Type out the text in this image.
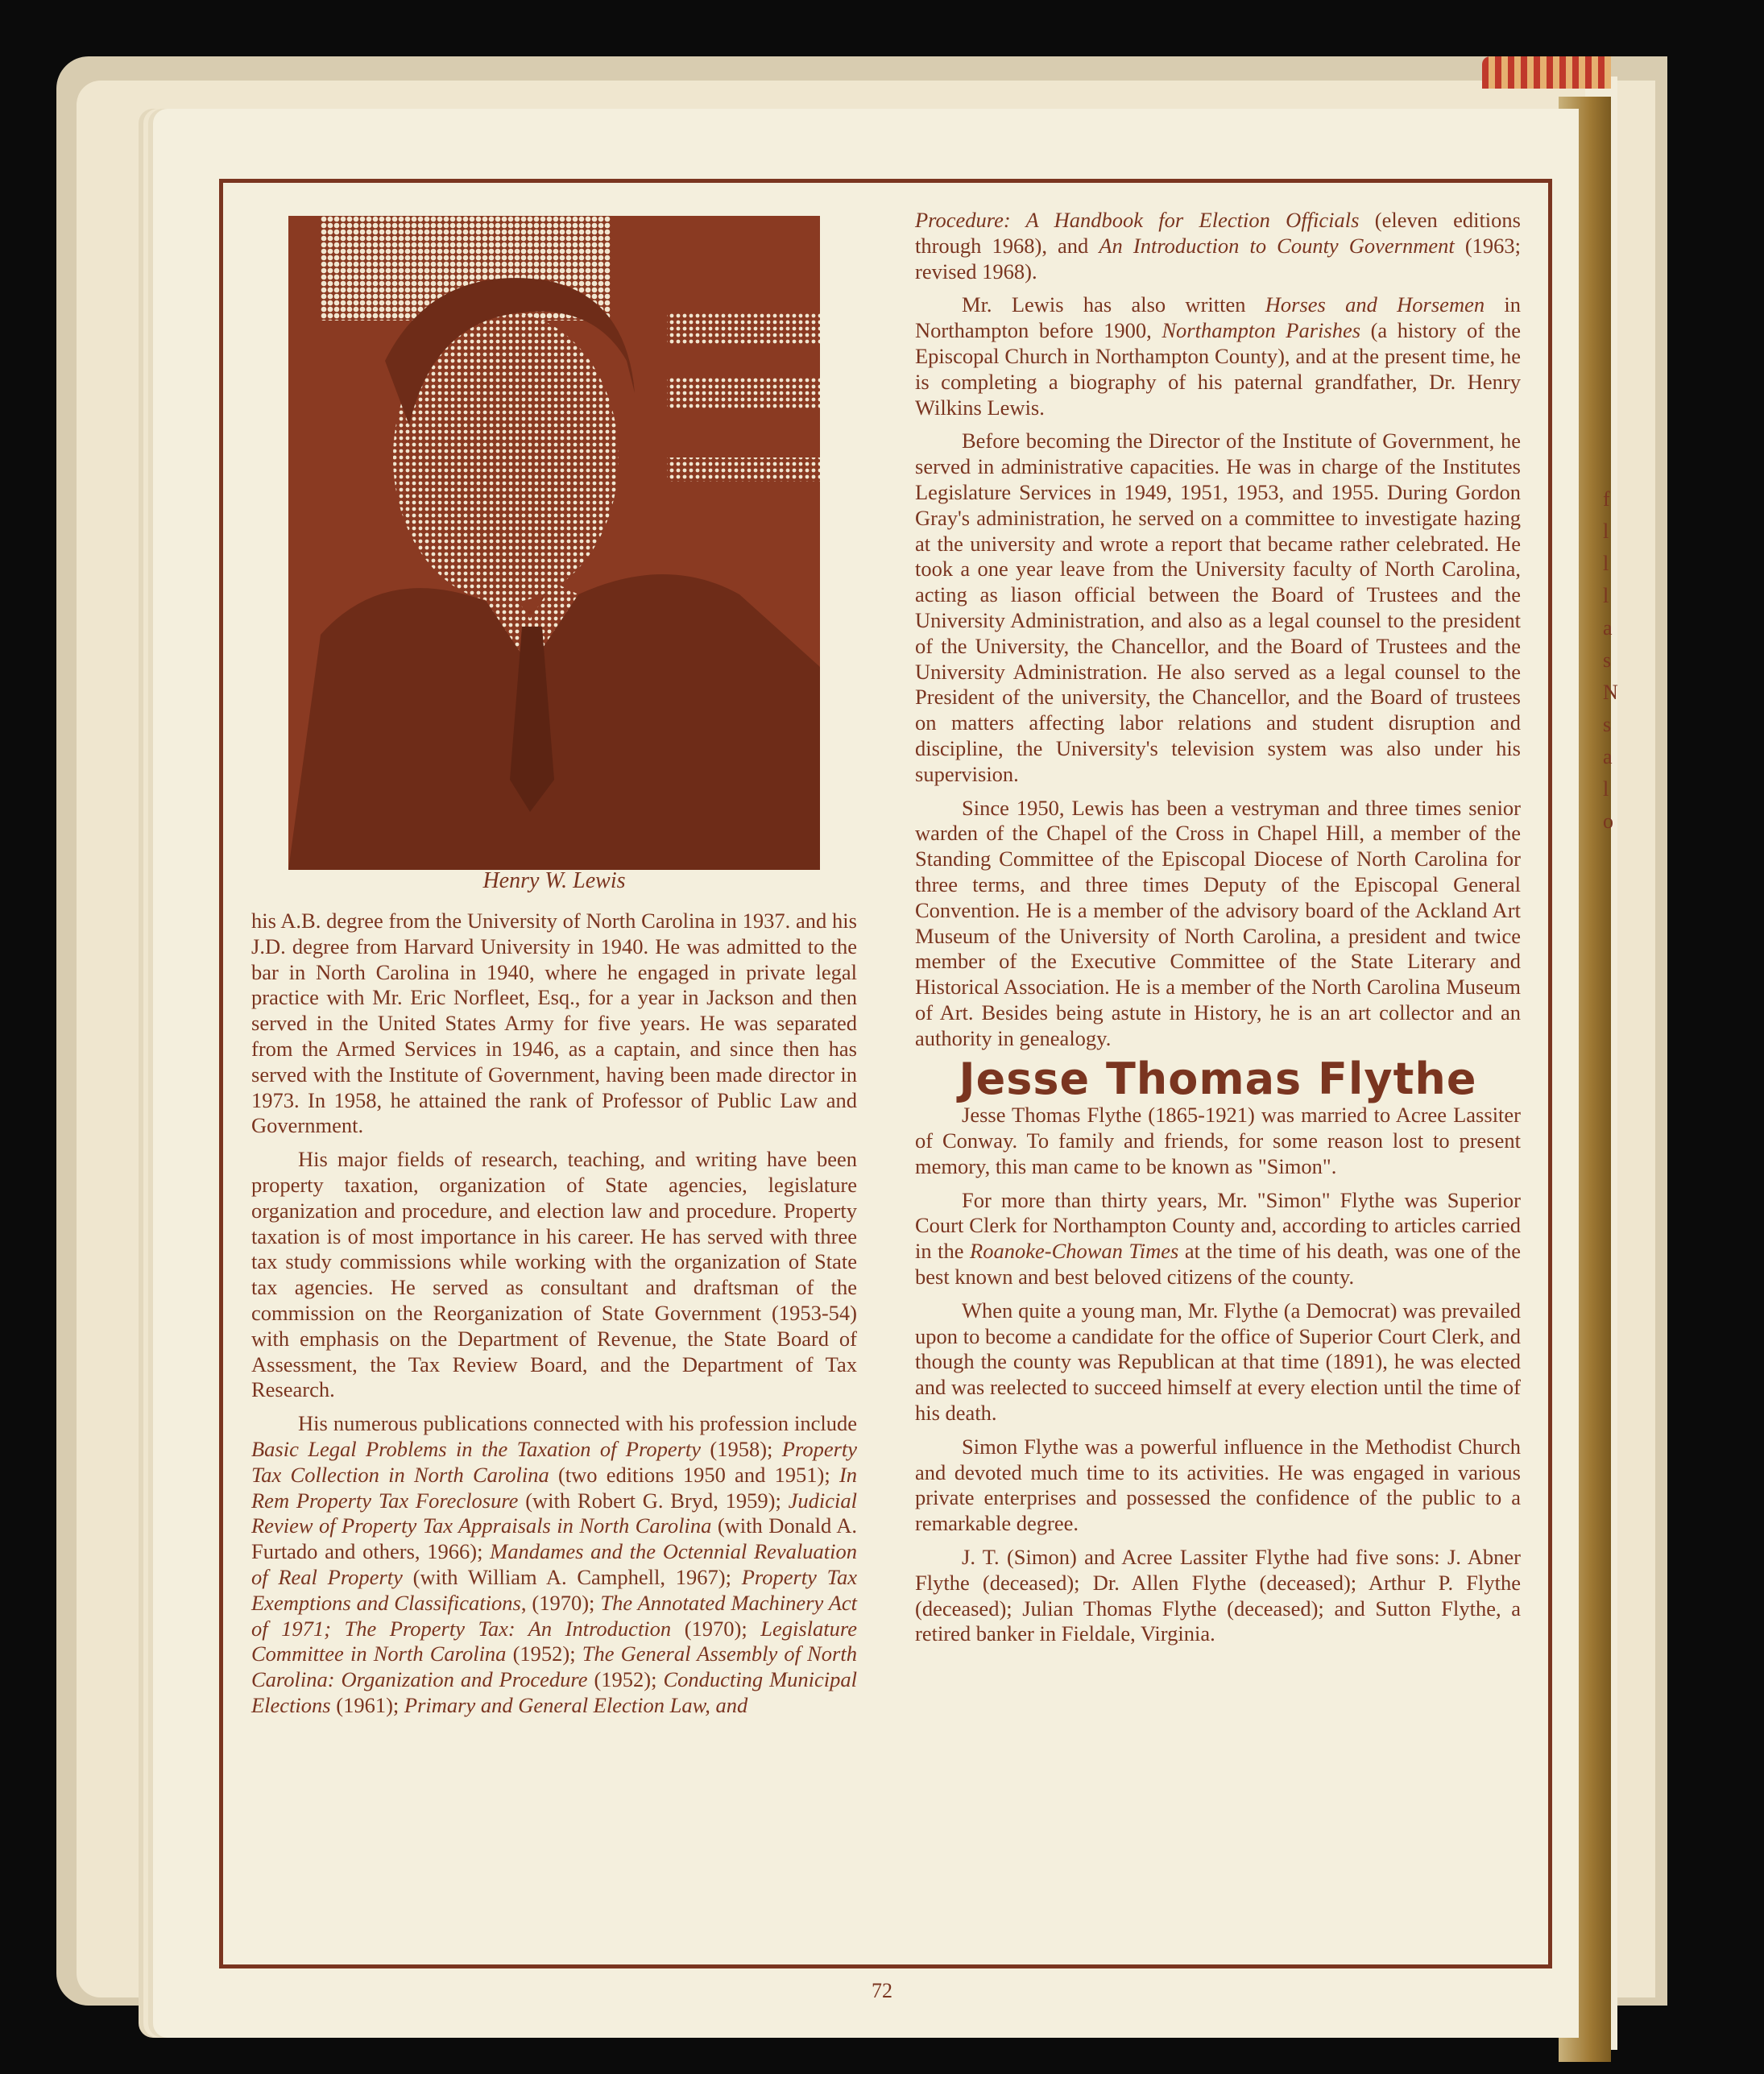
Henry W. Lewis

his A.B. degree from the University of North Carolina in 1937. and his J.D. degree from Harvard University in 1940. He was admitted to the bar in North Carolina in 1940, where he engaged in private legal practice with Mr. Eric Norfleet, Esq., for a year in Jackson and then served in the United States Army for five years. He was separated from the Armed Services in 1946, as a captain, and since then has served with the Institute of Government, having been made director in 1973. In 1958, he attained the rank of Professor of Public Law and Government.

His major fields of research, teaching, and writing have been property taxation, organization of State agencies, legislature organization and procedure, and election law and procedure. Property taxation is of most importance in his career. He has served with three tax study commissions while working with the organization of State tax agencies. He served as consultant and draftsman of the commission on the Reorganization of State Government (1953-54) with emphasis on the Department of Revenue, the State Board of Assessment, the Tax Review Board, and the Department of Tax Research.

His numerous publications connected with his profession include Basic Legal Problems in the Taxation of Property (1958); Property Tax Collection in North Carolina (two editions 1950 and 1951); In Rem Property Tax Foreclosure (with Robert G. Bryd, 1959); Judicial Review of Property Tax Appraisals in North Carolina (with Donald A. Furtado and others, 1966); Mandames and the Octennial Revaluation of Real Property (with William A. Camphell, 1967); Property Tax Exemptions and Classifications, (1970); The Annotated Machinery Act of 1971; The Property Tax: An Introduction (1970); Legislature Committee in North Carolina (1952); The General Assembly of North Carolina: Organization and Procedure (1952); Conducting Municipal Elections (1961); Primary and General Election Law, and

Procedure: A Handbook for Election Officials (eleven editions through 1968), and An Introduction to County Government (1963; revised 1968).

Mr. Lewis has also written Horses and Horsemen in Northampton before 1900, Northampton Parishes (a history of the Episcopal Church in Northampton County), and at the present time, he is completing a biography of his paternal grandfather, Dr. Henry Wilkins Lewis.

Before becoming the Director of the Institute of Government, he served in administrative capacities. He was in charge of the Institutes Legislature Services in 1949, 1951, 1953, and 1955. During Gordon Gray's administration, he served on a committee to investigate hazing at the university and wrote a report that became rather celebrated. He took a one year leave from the University faculty of North Carolina, acting as liason official between the Board of Trustees and the University Administration, and also as a legal counsel to the president of the University, the Chancellor, and the Board of Trustees and the University Administration. He also served as a legal counsel to the President of the university, the Chancellor, and the Board of trustees on matters affecting labor relations and student disruption and discipline, the University's television system was also under his supervision.

Since 1950, Lewis has been a vestryman and three times senior warden of the Chapel of the Cross in Chapel Hill, a member of the Standing Committee of the Episcopal Diocese of North Carolina for three terms, and three times Deputy of the Episcopal General Convention. He is a member of the advisory board of the Ackland Art Museum of the University of North Carolina, a president and twice member of the Executive Committee of the State Literary and Historical Association. He is a member of the North Carolina Museum of Art. Besides being astute in History, he is an art collector and an authority in genealogy.

Jesse Thomas Flythe

Jesse Thomas Flythe (1865-1921) was married to Acree Lassiter of Conway. To family and friends, for some reason lost to present memory, this man came to be known as "Simon".

For more than thirty years, Mr. "Simon" Flythe was Superior Court Clerk for Northampton County and, according to articles carried in the Roanoke-Chowan Times at the time of his death, was one of the best known and best beloved citizens of the county.

When quite a young man, Mr. Flythe (a Democrat) was prevailed upon to become a candidate for the office of Superior Court Clerk, and though the county was Republican at that time (1891), he was elected and was reelected to succeed himself at every election until the time of his death.

Simon Flythe was a powerful influence in the Methodist Church and devoted much time to its activities. He was engaged in various private enterprises and possessed the confidence of the public to a remarkable degree.

J. T. (Simon) and Acree Lassiter Flythe had five sons: J. Abner Flythe (deceased); Dr. Allen Flythe (deceased); Arthur P. Flythe (deceased); Julian Thomas Flythe (deceased); and Sutton Flythe, a retired banker in Fieldale, Virginia.

72
f
l
l
l
a
s
N
s
a
l
o
